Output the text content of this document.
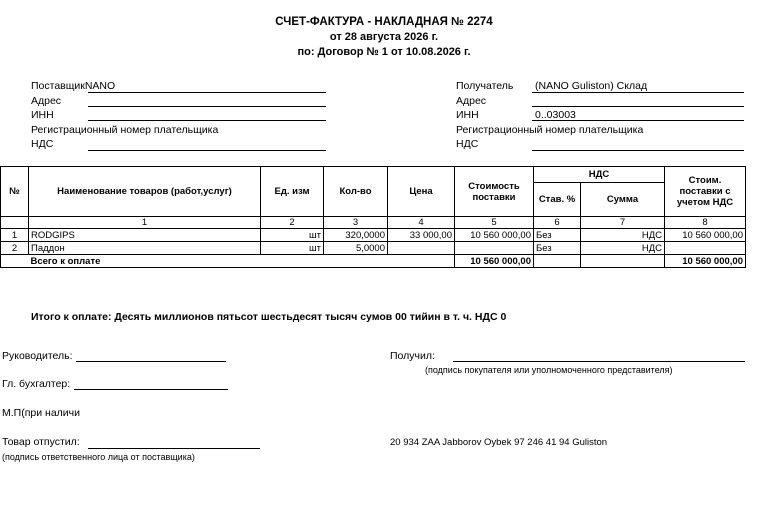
СЧЕТ-ФАКТУРА - НАКЛАДНАЯ № 2274
от 28 августа 2026 г.
по: Договор № 1 от 10.08.2026 г.
ПоставщикNANO
Адрес
ИНН
Регистрационный номер плательщика
НДС
Получатель (NANO Guliston) Склад
Адрес
ИНН	0..03003
Регистрационный номер плательщика
НДС
№	Наименование товаров (работ,услуг)	Ед. изм	Кол-во	Цена	Стоимость поставки	НДС		Стоим. поставки с учетом НДС
						Став. %	Сумма	
	1	2	3	4	5	6	7	8
1	RODGIPS	шт	320,0000	33 000,00	10 560 000,00	Без	НДС	10 560 000,00
2	Паддон	шт	5,0000			Без	НДС	
	Всего к оплате				10 560 000,00			10 560 000,00
Итого к оплате: Десять миллионов пятьсот шестьдесят тысяч сумов 00 тийин в т. ч. НДС 0
Руководитель:	Получил:
(подпись покупателя или уполномоченного представителя)
Гл. бухгалтер:
М.П(при наличи
Товар отпустил:
(подпись ответственного лица от поставщика)
20 934 ZAA Jabborov Oybek 97 246 41 94 Guliston
